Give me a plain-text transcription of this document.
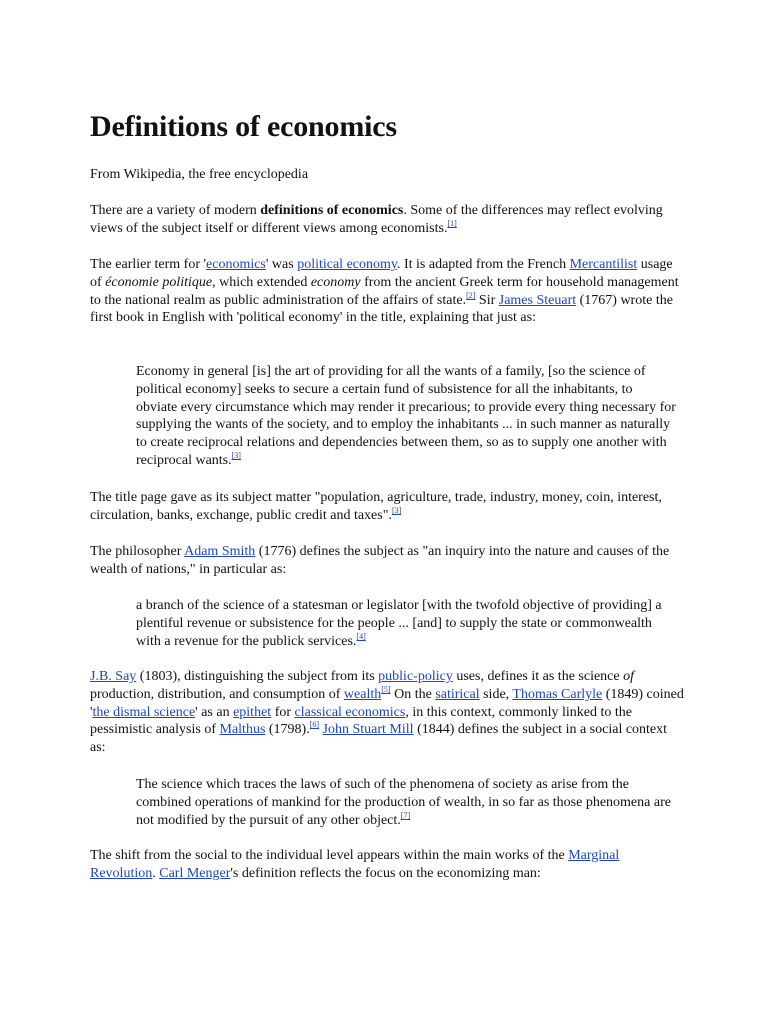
Definitions of economics

From Wikipedia, the free encyclopedia

There are a variety of modern definitions of economics. Some of the differences may reflect evolving views of the subject itself or different views among economists.[1]

The earlier term for 'economics' was political economy. It is adapted from the French Mercantilist usage of économie politique, which extended economy from the ancient Greek term for household management to the national realm as public administration of the affairs of state.[2] Sir James Steuart (1767) wrote the first book in English with 'political economy' in the title, explaining that just as:

Economy in general [is] the art of providing for all the wants of a family, [so the science of political economy] seeks to secure a certain fund of subsistence for all the inhabitants, to obviate every circumstance which may render it precarious; to provide every thing necessary for supplying the wants of the society, and to employ the inhabitants ... in such manner as naturally to create reciprocal relations and dependencies between them, so as to supply one another with reciprocal wants.[3]

The title page gave as its subject matter "population, agriculture, trade, industry, money, coin, interest, circulation, banks, exchange, public credit and taxes".[3]

The philosopher Adam Smith (1776) defines the subject as "an inquiry into the nature and causes of the wealth of nations," in particular as:

a branch of the science of a statesman or legislator [with the twofold objective of providing] a plentiful revenue or subsistence for the people ... [and] to supply the state or commonwealth with a revenue for the publick services.[4]

J.B. Say (1803), distinguishing the subject from its public-policy uses, defines it as the science of production, distribution, and consumption of wealth[5] On the satirical side, Thomas Carlyle (1849) coined 'the dismal science' as an epithet for classical economics, in this context, commonly linked to the pessimistic analysis of Malthus (1798).[6] John Stuart Mill (1844) defines the subject in a social context as:

The science which traces the laws of such of the phenomena of society as arise from the combined operations of mankind for the production of wealth, in so far as those phenomena are not modified by the pursuit of any other object.[7]

The shift from the social to the individual level appears within the main works of the Marginal Revolution. Carl Menger's definition reflects the focus on the economizing man:
